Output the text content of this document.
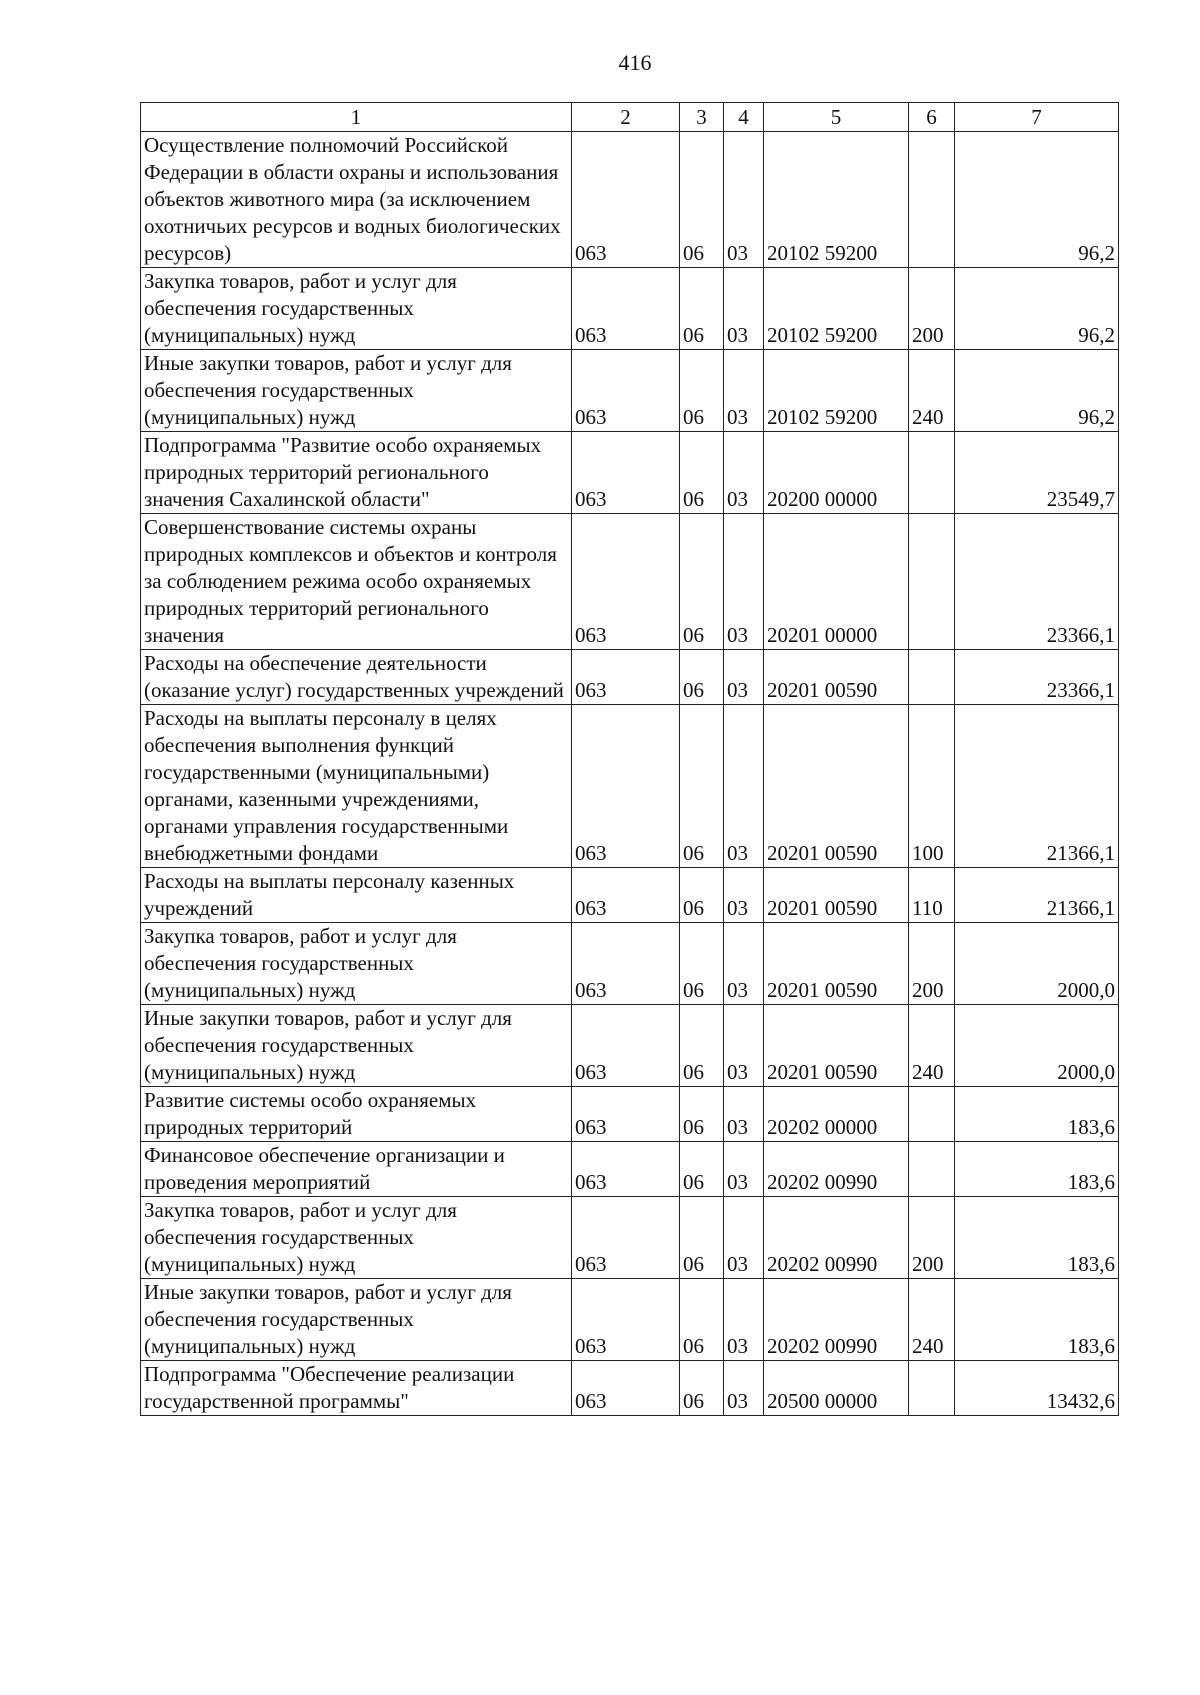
416
1	2	3	4	5	6	7
Осуществление полномочий Российской Федерации в области охраны и использования объектов животного мира (за исключением охотничьих ресурсов и водных биологических ресурсов)	063	06	03	20102 59200		96,2
Закупка товаров, работ и услуг для обеспечения государственных (муниципальных) нужд	063	06	03	20102 59200	200	96,2
Иные закупки товаров, работ и услуг для обеспечения государственных (муниципальных) нужд	063	06	03	20102 59200	240	96,2
Подпрограмма "Развитие особо охраняемых природных территорий регионального значения Сахалинской области"	063	06	03	20200 00000		23549,7
Совершенствование системы охраны природных комплексов и объектов и контроля за соблюдением режима особо охраняемых природных территорий регионального значения	063	06	03	20201 00000		23366,1
Расходы на обеспечение деятельности (оказание услуг) государственных учреждений	063	06	03	20201 00590		23366,1
Расходы на выплаты персоналу в целях обеспечения выполнения функций государственными (муниципальными) органами, казенными учреждениями, органами управления государственными внебюджетными фондами	063	06	03	20201 00590	100	21366,1
Расходы на выплаты персоналу казенных учреждений	063	06	03	20201 00590	110	21366,1
Закупка товаров, работ и услуг для обеспечения государственных (муниципальных) нужд	063	06	03	20201 00590	200	2000,0
Иные закупки товаров, работ и услуг для обеспечения государственных (муниципальных) нужд	063	06	03	20201 00590	240	2000,0
Развитие системы особо охраняемых природных территорий	063	06	03	20202 00000		183,6
Финансовое обеспечение организации и проведения мероприятий	063	06	03	20202 00990		183,6
Закупка товаров, работ и услуг для обеспечения государственных (муниципальных) нужд	063	06	03	20202 00990	200	183,6
Иные закупки товаров, работ и услуг для обеспечения государственных (муниципальных) нужд	063	06	03	20202 00990	240	183,6
Подпрограмма "Обеспечение реализации государственной программы"	063	06	03	20500 00000		13432,6
